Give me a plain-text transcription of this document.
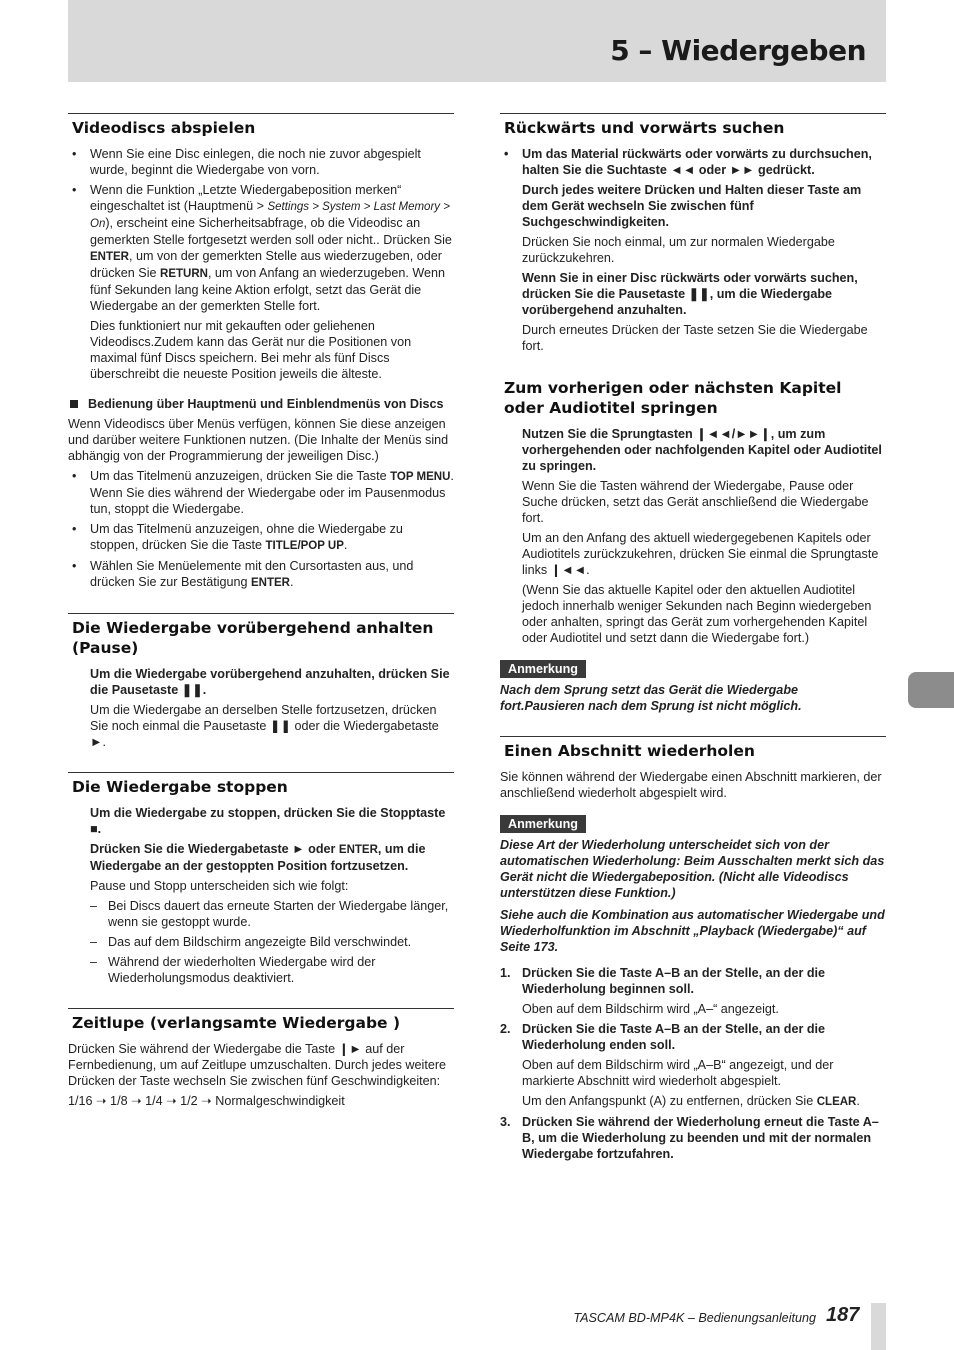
5 – Wiedergeben
Videodiscs abspielen
• Wenn Sie eine Disc einlegen, die noch nie zuvor abgespielt wurde, beginnt die Wiedergabe von vorn.
• Wenn die Funktion „Letzte Wiedergabeposition merken“ eingeschaltet ist (Hauptmenü > Settings > System > Last Memory > On), erscheint eine Sicherheitsabfrage, ob die Videodisc an gemerkten Stelle fortgesetzt werden soll oder nicht.. Drücken Sie ENTER, um von der gemerkten Stelle aus wiederzugeben, oder drücken Sie RETURN, um von Anfang an wiederzugeben. Wenn fünf Sekunden lang keine Aktion erfolgt, setzt das Gerät die Wiedergabe an der gemerkten Stelle fort.

Dies funktioniert nur mit gekauften oder geliehenen Videodiscs.Zudem kann das Gerät nur die Positionen von maximal fünf Discs speichern. Bei mehr als fünf Discs überschreibt die neueste Position jeweils die älteste.

Bedienung über Hauptmenü und Einblendmenüs von Discs

Wenn Videodiscs über Menüs verfügen, können Sie diese anzeigen und darüber weitere Funktionen nutzen. (Die Inhalte der Menüs sind abhängig von der Programmierung der jeweiligen Disc.)

• Um das Titelmenü anzuzeigen, drücken Sie die Taste TOP MENU. Wenn Sie dies während der Wiedergabe oder im Pausenmodus tun, stoppt die Wiedergabe.
• Um das Titelmenü anzuzeigen, ohne die Wiedergabe zu stoppen, drücken Sie die Taste TITLE/POP UP.
• Wählen Sie Menüelemente mit den Cursortasten aus, und drücken Sie zur Bestätigung ENTER.
Die Wiedergabe vorübergehend anhalten (Pause)

Um die Wiedergabe vorübergehend anzuhalten, drücken Sie die Pausetaste ❚❚.

Um die Wiedergabe an derselben Stelle fortzusetzen, drücken Sie noch einmal die Pausetaste ❚❚ oder die Wiedergabetaste ►.

Die Wiedergabe stoppen

Um die Wiedergabe zu stoppen, drücken Sie die Stopptaste ■.

Drücken Sie die Wiedergabetaste ► oder ENTER, um die Wiedergabe an der gestoppten Position fortzusetzen.

Pause und Stopp unterscheiden sich wie folgt:

– Bei Discs dauert das erneute Starten der Wiedergabe länger, wenn sie gestoppt wurde.
– Das auf dem Bildschirm angezeigte Bild verschwindet.
– Während der wiederholten Wiedergabe wird der Wiederholungsmodus deaktiviert.
Zeitlupe (verlangsamte Wiedergabe )

Drücken Sie während der Wiedergabe die Taste ❙► auf der Fernbedienung, um auf Zeitlupe umzuschalten. Durch jedes weitere Drücken der Taste wechseln Sie zwischen fünf Geschwindigkeiten:

1/16 ➝ 1/8 ➝ 1/4 ➝ 1/2 ➝ Normalgeschwindigkeit

Rückwärts und vorwärts suchen
• Um das Material rückwärts oder vorwärts zu durchsuchen, halten Sie die Suchtaste ◄◄ oder ►► gedrückt.

Durch jedes weitere Drücken und Halten dieser Taste am dem Gerät wechseln Sie zwischen fünf Suchgeschwindigkeiten.

Drücken Sie noch einmal, um zur normalen Wiedergabe zurückzukehren.

Wenn Sie in einer Disc rückwärts oder vorwärts suchen, drücken Sie die Pausetaste ❚❚, um die Wiedergabe vorübergehend anzuhalten.

Durch erneutes Drücken der Taste setzen Sie die Wiedergabe fort.

Zum vorherigen oder nächsten Kapitel oder Audiotitel springen

Nutzen Sie die Sprungtasten ❙◄◄/►►❙, um zum vorhergehenden oder nachfolgenden Kapitel oder Audiotitel zu springen.

Wenn Sie die Tasten während der Wiedergabe, Pause oder Suche drücken, setzt das Gerät anschließend die Wiedergabe fort.

Um an den Anfang des aktuell wiedergegebenen Kapitels oder Audiotitels zurückzukehren, drücken Sie einmal die Sprungtaste links ❙◄◄.

(Wenn Sie das aktuelle Kapitel oder den aktuellen Audiotitel jedoch innerhalb weniger Sekunden nach Beginn wiedergeben oder anhalten, springt das Gerät zum vorhergehenden Kapitel oder Audiotitel und setzt dann die Wiedergabe fort.)

Anmerkung

Nach dem Sprung setzt das Gerät die Wiedergabe fort.Pausieren nach dem Sprung ist nicht möglich.

Einen Abschnitt wiederholen

Sie können während der Wiedergabe einen Abschnitt markieren, der anschließend wiederholt abgespielt wird.

Anmerkung

Diese Art der Wiederholung unterscheidet sich von der automatischen Wiederholung: Beim Ausschalten merkt sich das Gerät nicht die Wiedergabeposition. (Nicht alle Videodiscs unterstützen diese Funktion.)

Siehe auch die Kombination aus automatischer Wiedergabe und Wiederholfunktion im Abschnitt „Playback (Wiedergabe)“ auf Seite 173.

1. Drücken Sie die Taste A–B an der Stelle, an der die Wiederholung beginnen soll.

Oben auf dem Bildschirm wird „A–“ angezeigt.

2. Drücken Sie die Taste A–B an der Stelle, an der die Wiederholung enden soll.

Oben auf dem Bildschirm wird „A–B“ angezeigt, und der markierte Abschnitt wird wiederholt abgespielt.

Um den Anfangspunkt (A) zu entfernen, drücken Sie CLEAR.

3. Drücken Sie während der Wiederholung erneut die Taste A–B, um die Wiederholung zu beenden und mit der normalen Wiedergabe fortzufahren.

TASCAM BD-MP4K – Bedienungsanleitung 187
